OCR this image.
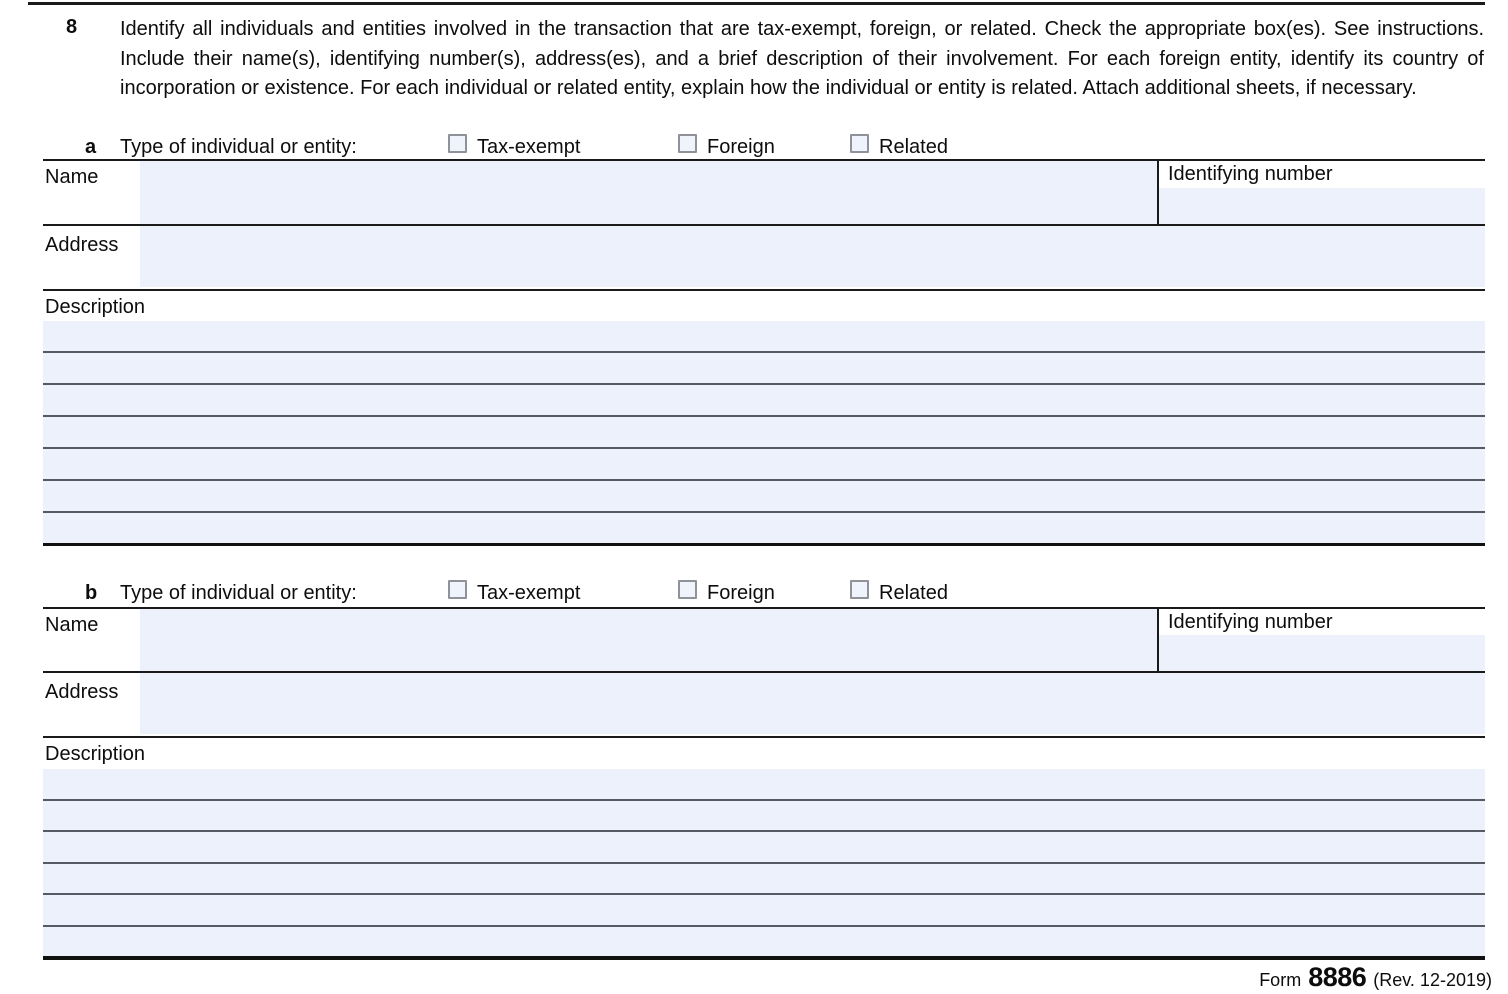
8 Identify all individuals and entities involved in the transaction that are tax-exempt, foreign, or related. Check the appropriate box(es). See instructions. Include their name(s), identifying number(s), address(es), and a brief description of their involvement. For each foreign entity, identify its country of incorporation or existence. For each individual or related entity, explain how the individual or entity is related. Attach additional sheets, if necessary.
a Type of individual or entity:	Tax-exempt	Foreign	Related
Name	Identifying number
Address
Description
b Type of individual or entity:	Tax-exempt	Foreign	Related
Name	Identifying number
Address
Description
Form 8886 (Rev. 12-2019)
